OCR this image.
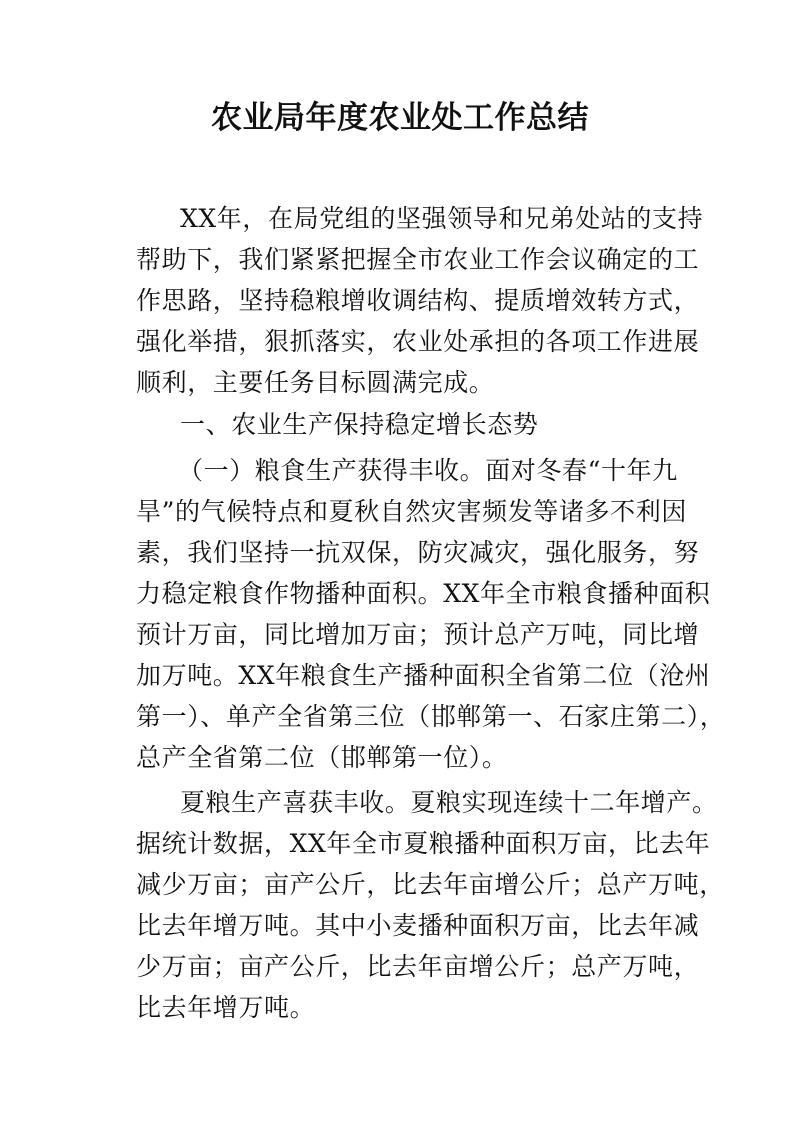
农业局年度农业处工作总结
XX年，在局党组的坚强领导和兄弟处站的支持
帮助下，我们紧紧把握全市农业工作会议确定的工
作思路，坚持稳粮增收调结构、提质增效转方式，
强化举措，狠抓落实，农业处承担的各项工作进展
顺利，主要任务目标圆满完成。
一、农业生产保持稳定增长态势
（一）粮食生产获得丰收。面对冬春“十年九
旱”的气候特点和夏秋自然灾害频发等诸多不利因
素，我们坚持一抗双保，防灾减灾，强化服务，努
力稳定粮食作物播种面积。XX年全市粮食播种面积
预计万亩，同比增加万亩；预计总产万吨，同比增
加万吨。XX年粮食生产播种面积全省第二位（沧州
第一）、单产全省第三位（邯郸第一、石家庄第二），
总产全省第二位（邯郸第一位）。
夏粮生产喜获丰收。夏粮实现连续十二年增产。
据统计数据，XX年全市夏粮播种面积万亩，比去年
减少万亩；亩产公斤，比去年亩增公斤；总产万吨，
比去年增万吨。其中小麦播种面积万亩，比去年减
少万亩；亩产公斤，比去年亩增公斤；总产万吨，
比去年增万吨。
